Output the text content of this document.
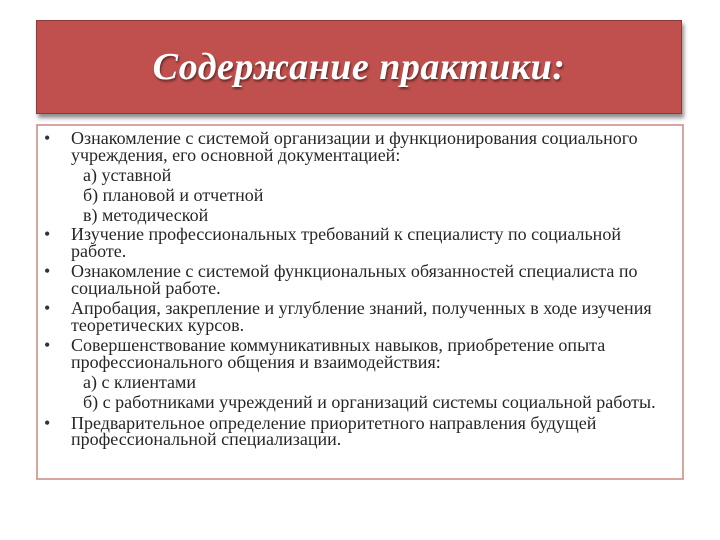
Содержание практики:
• Ознакомление с системой организации и функционирования социального учреждения, его основной документацией:
а) уставной
б) плановой и отчетной
в) методической
• Изучение профессиональных требований к специалисту по социальной работе.
• Ознакомление с системой функциональных обязанностей специалиста по социальной работе.
• Апробация, закрепление и углубление знаний, полученных в ходе изучения теоретических курсов.
• Совершенствование коммуникативных навыков, приобретение опыта профессионального общения и взаимодействия:
а) с клиентами
б) с работниками учреждений и организаций системы социальной работы.
• Предварительное определение приоритетного направления будущей профессиональной специализации.
